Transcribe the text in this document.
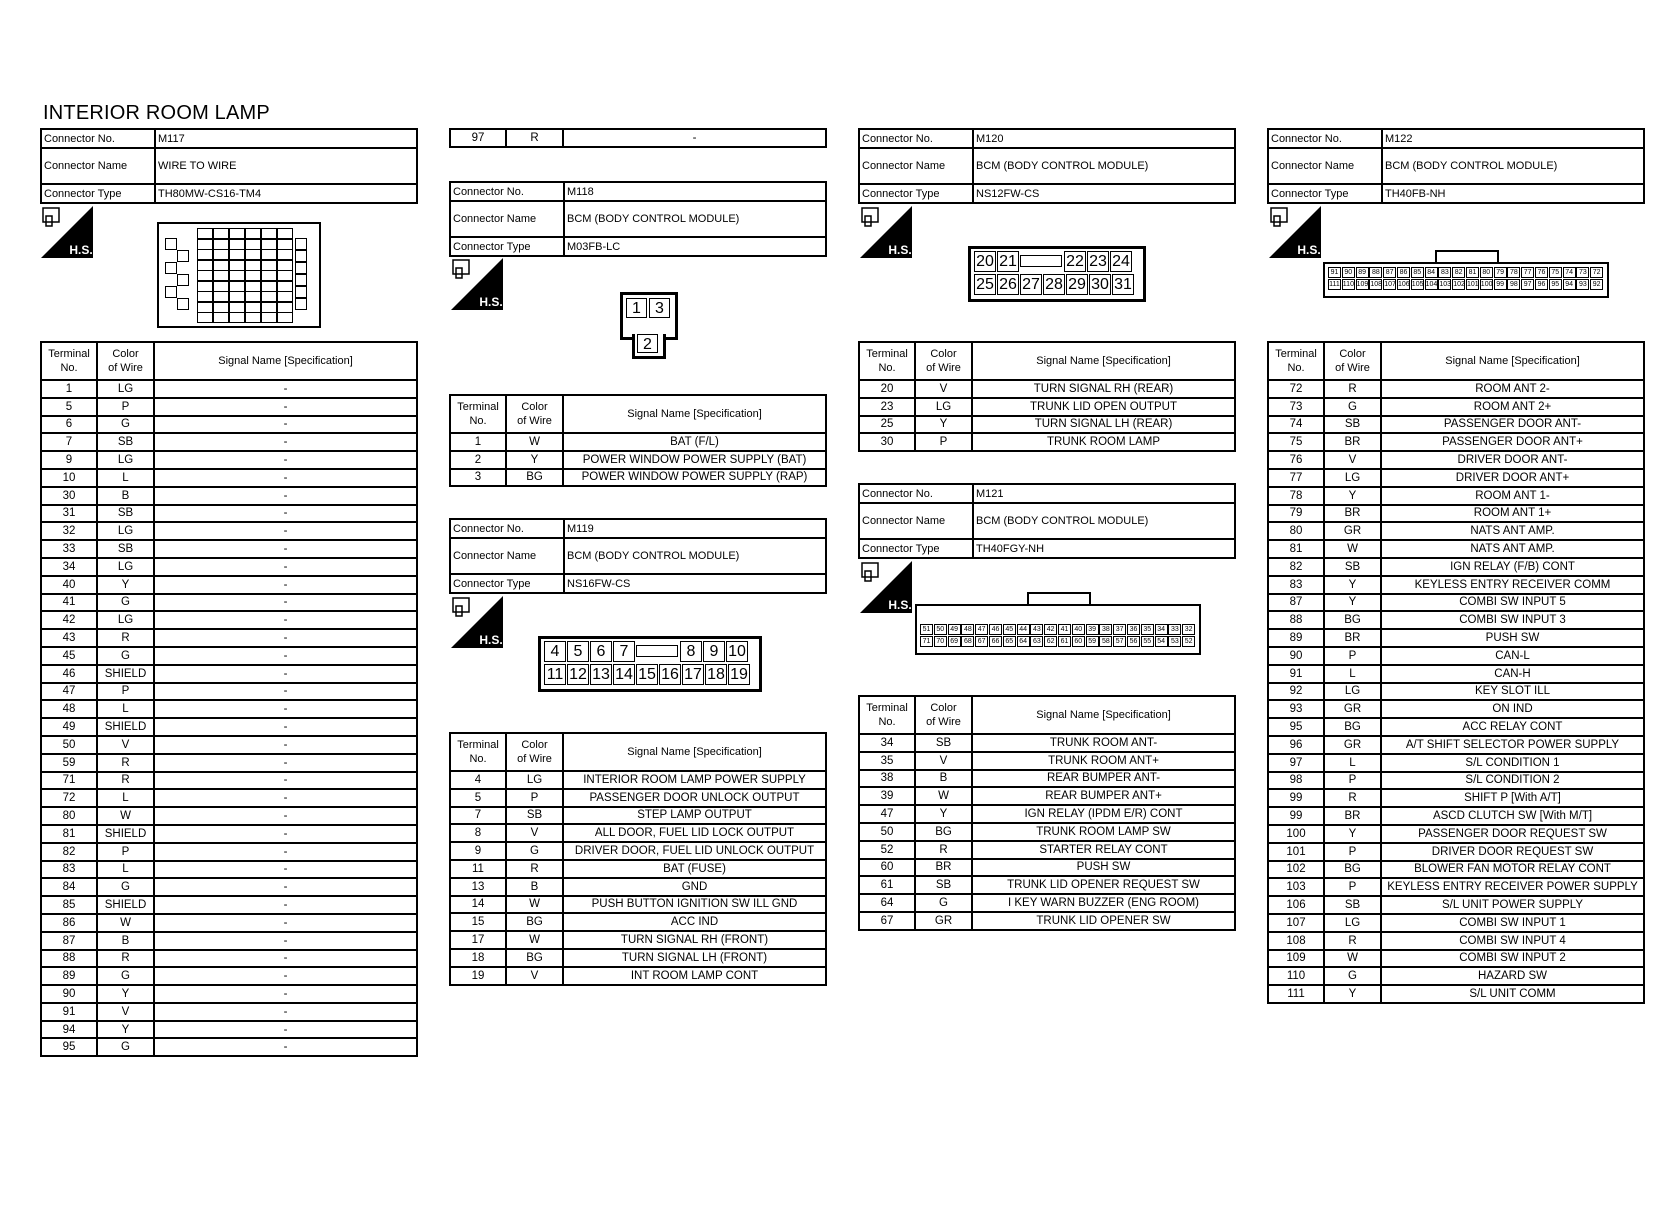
INTERIOR ROOM LAMP
Connector No.	M117
Connector Name	WIRE TO WIRE
Connector Type	TH80MW-CS16-TM4
H.S.
Terminal
No.	Color
of Wire	Signal Name [Specification]
1	LG	-
5	P	-
6	G	-
7	SB	-
9	LG	-
10	L	-
30	B	-
31	SB	-
32	LG	-
33	SB	-
34	LG	-
40	Y	-
41	G	-
42	LG	-
43	R	-
45	G	-
46	SHIELD	-
47	P	-
48	L	-
49	SHIELD	-
50	V	-
59	R	-
71	R	-
72	L	-
80	W	-
81	SHIELD	-
82	P	-
83	L	-
84	G	-
85	SHIELD	-
86	W	-
87	B	-
88	R	-
89	G	-
90	Y	-
91	V	-
94	Y	-
95	G	-
97	R	-
Connector No.	M118
Connector Name	BCM (BODY CONTROL MODULE)
Connector Type	M03FB-LC
H.S.	1 3
2
Terminal
No.	Color
of Wire	Signal Name [Specification]
1	W	BAT (F/L)
2	Y	POWER WINDOW POWER SUPPLY (BAT)
3	BG	POWER WINDOW POWER SUPPLY (RAP)
Connector No.	M119
Connector Name	BCM (BODY CONTROL MODULE)
Connector Type	NS16FW-CS
H.S.
4 5 6 7	8 9 10
11 12 13 14 15 16 17 18 19
Terminal
No.	Color
of Wire	Signal Name [Specification]
4	LG	INTERIOR ROOM LAMP POWER SUPPLY
5	P	PASSENGER DOOR UNLOCK OUTPUT
7	SB	STEP LAMP OUTPUT
8	V	ALL DOOR, FUEL LID LOCK OUTPUT
9	G	DRIVER DOOR, FUEL LID UNLOCK OUTPUT
11	R	BAT (FUSE)
13	B	GND
14	W	PUSH BUTTON IGNITION SW ILL GND
15	BG	ACC IND
17	W	TURN SIGNAL RH (FRONT)
18	BG	TURN SIGNAL LH (FRONT)
19	V	INT ROOM LAMP CONT
Connector No.	M120
Connector Name	BCM (BODY CONTROL MODULE)
Connector Type	NS12FW-CS
H.S.
20 21	22 23 24
25 26 27 28 29 30 31
Terminal
No.	Color
of Wire	Signal Name [Specification]
20	V	TURN SIGNAL RH (REAR)
23	LG	TRUNK LID OPEN OUTPUT
25	Y	TURN SIGNAL LH (REAR)
30	P	TRUNK ROOM LAMP
Connector No.	M121
Connector Name	BCM (BODY CONTROL MODULE)
Connector Type	TH40FGY-NH
H.S.
51 50 49 48 47 46 45 44 43 42 41 40 39 38 37 36 35 34 33 32
71 70 69 68 67 66 65 64 63 62 61 60 59 58 57 56 55 54 53 52
Terminal
No.	Color
of Wire	Signal Name [Specification]
34	SB	TRUNK ROOM ANT-
35	V	TRUNK ROOM ANT+
38	B	REAR BUMPER ANT-
39	W	REAR BUMPER ANT+
47	Y	IGN RELAY (IPDM E/R) CONT
50	BG	TRUNK ROOM LAMP SW
52	R	STARTER RELAY CONT
60	BR	PUSH SW
61	SB	TRUNK LID OPENER REQUEST SW
64	G	I KEY WARN BUZZER (ENG ROOM)
67	GR	TRUNK LID OPENER SW
Connector No.	M122
Connector Name	BCM (BODY CONTROL MODULE)
Connector Type	TH40FB-NH
H.S.
91 90 89 88 87 86 85 84 83 82 81 80 79 78 77 76 75 74 73 72
111 110 109 108 107 106 105 104 103 102 101 100 99 98 97 96 95 94 93 92
Terminal
No.	Color
of Wire	Signal Name [Specification]
72	R	ROOM ANT 2-
73	G	ROOM ANT 2+
74	SB	PASSENGER DOOR ANT-
75	BR	PASSENGER DOOR ANT+
76	V	DRIVER DOOR ANT-
77	LG	DRIVER DOOR ANT+
78	Y	ROOM ANT 1-
79	BR	ROOM ANT 1+
80	GR	NATS ANT AMP.
81	W	NATS ANT AMP.
82	SB	IGN RELAY (F/B) CONT
83	Y	KEYLESS ENTRY RECEIVER COMM
87	Y	COMBI SW INPUT 5
88	BG	COMBI SW INPUT 3
89	BR	PUSH SW
90	P	CAN-L
91	L	CAN-H
92	LG	KEY SLOT ILL
93	GR	ON IND
95	BG	ACC RELAY CONT
96	GR	A/T SHIFT SELECTOR POWER SUPPLY
97	L	S/L CONDITION 1
98	P	S/L CONDITION 2
99	R	SHIFT P [With A/T]
99	BR	ASCD CLUTCH SW [With M/T]
100	Y	PASSENGER DOOR REQUEST SW
101	P	DRIVER DOOR REQUEST SW
102	BG	BLOWER FAN MOTOR RELAY CONT
103	P	KEYLESS ENTRY RECEIVER POWER SUPPLY
106	SB	S/L UNIT POWER SUPPLY
107	LG	COMBI SW INPUT 1
108	R	COMBI SW INPUT 4
109	W	COMBI SW INPUT 2
110	G	HAZARD SW
111	Y	S/L UNIT COMM
